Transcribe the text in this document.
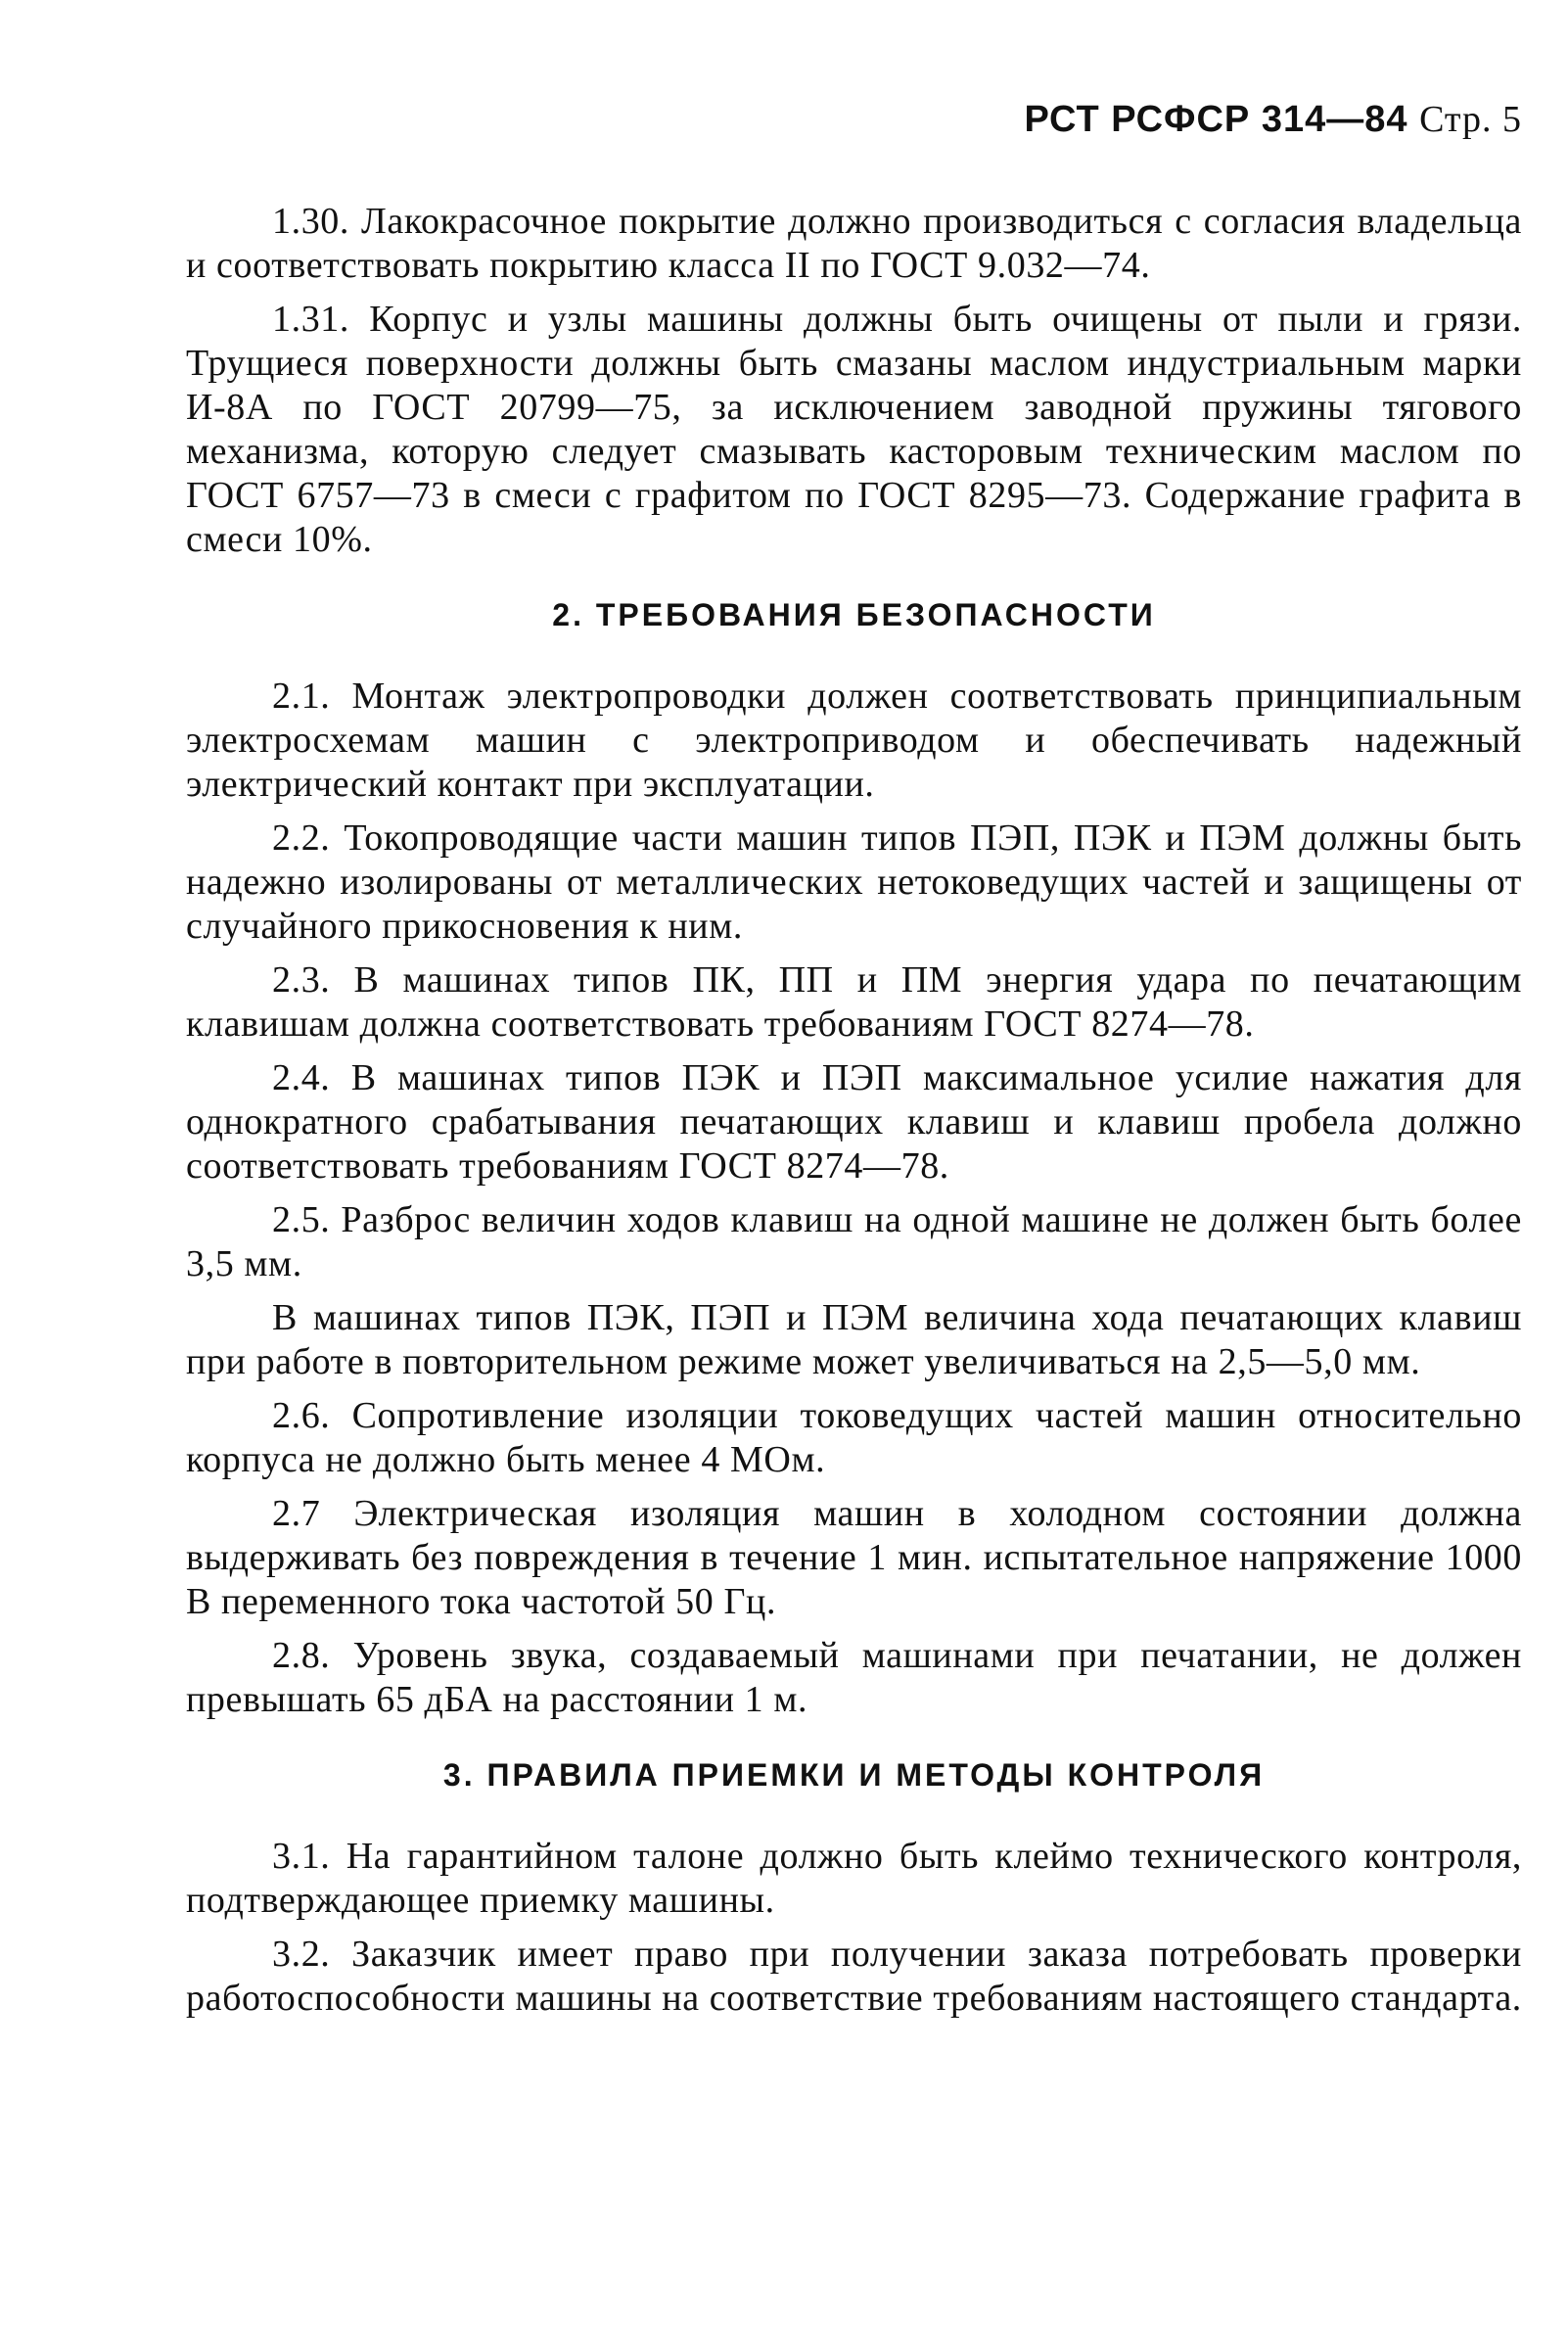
РСТ РСФСР 314—84 Стр. 5

1.30. Лакокрасочное покрытие должно производиться с согласия владельца и соответствовать покрытию класса II по ГОСТ 9.032—74.

1.31. Корпус и узлы машины должны быть очищены от пыли и грязи. Трущиеся поверхности должны быть смазаны маслом индустриальным марки И-8А по ГОСТ 20799—75, за исключением заводной пружины тягового механизма, которую следует смазывать касторовым техническим маслом по ГОСТ 6757—73 в смеси с графитом по ГОСТ 8295—73. Содержание графита в смеси 10%.

2. ТРЕБОВАНИЯ БЕЗОПАСНОСТИ

2.1. Монтаж электропроводки должен соответствовать принципиальным электросхемам машин с электроприводом и обеспечивать надежный электрический контакт при эксплуатации.

2.2. Токопроводящие части машин типов ПЭП, ПЭК и ПЭМ должны быть надежно изолированы от металлических нетоковедущих частей и защищены от случайного прикосновения к ним.

2.3. В машинах типов ПК, ПП и ПМ энергия удара по печатающим клавишам должна соответствовать требованиям ГОСТ 8274—78.

2.4. В машинах типов ПЭК и ПЭП максимальное усилие нажатия для однократного срабатывания печатающих клавиш и клавиш пробела должно соответствовать требованиям ГОСТ 8274—78.

2.5. Разброс величин ходов клавиш на одной машине не должен быть более 3,5 мм.

В машинах типов ПЭК, ПЭП и ПЭМ величина хода печатающих клавиш при работе в повторительном режиме может увеличиваться на 2,5—5,0 мм.

2.6. Сопротивление изоляции токоведущих частей машин относительно корпуса не должно быть менее 4 МОм.

2.7 Электрическая изоляция машин в холодном состоянии должна выдерживать без повреждения в течение 1 мин. испытательное напряжение 1000 В переменного тока частотой 50 Гц.

2.8. Уровень звука, создаваемый машинами при печатании, не должен превышать 65 дБА на расстоянии 1 м.

3. ПРАВИЛА ПРИЕМКИ И МЕТОДЫ КОНТРОЛЯ

3.1. На гарантийном талоне должно быть клеймо технического контроля, подтверждающее приемку машины.

3.2. Заказчик имеет право при получении заказа потребовать проверки работоспособности машины на соответствие требованиям настоящего стандарта.
